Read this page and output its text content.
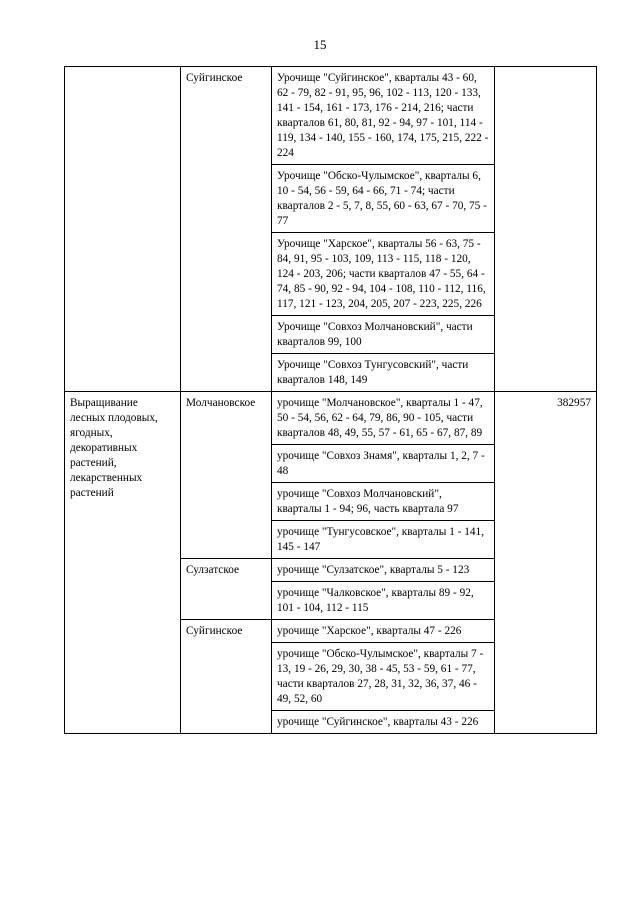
15
	Суйгинское	Урочище "Суйгинское", кварталы 43 - 60, 62 - 79, 82 - 91, 95, 96, 102 - 113, 120 - 133, 141 - 154, 161 - 173, 176 - 214, 216; части кварталов 61, 80, 81, 92 - 94, 97 - 101, 114 - 119, 134 - 140, 155 - 160, 174, 175, 215, 222 - 224	
		Урочище "Обско-Чулымское", кварталы 6, 10 - 54, 56 - 59, 64 - 66, 71 - 74; части кварталов 2 - 5, 7, 8, 55, 60 - 63, 67 - 70, 75 - 77	
		Урочище "Харское", кварталы 56 - 63, 75 - 84, 91, 95 - 103, 109, 113 - 115, 118 - 120, 124 - 203, 206; части кварталов 47 - 55, 64 - 74, 85 - 90, 92 - 94, 104 - 108, 110 - 112, 116, 117, 121 - 123, 204, 205, 207 - 223, 225, 226	
		Урочище "Совхоз Молчановский", части кварталов 99, 100	
		Урочище "Совхоз Тунгусовский", части кварталов 148, 149	
Выращивание лесных плодовых, ягодных, декоративных растений, лекарственных растений	Молчановское	урочище "Молчановское", кварталы 1 - 47, 50 - 54, 56, 62 - 64, 79, 86, 90 - 105, части кварталов 48, 49, 55, 57 - 61, 65 - 67, 87, 89	382957
		урочище "Совхоз Знамя", кварталы 1, 2, 7 - 48	
		урочище "Совхоз Молчановский", кварталы 1 - 94; 96, часть квартала 97	
		урочище "Тунгусовское", кварталы 1 - 141, 145 - 147	
	Сулзатское	урочище "Сулзатское", кварталы 5 - 123	
		урочище "Чалковское", кварталы 89 - 92, 101 - 104, 112 - 115	
	Суйгинское	урочище "Харское", кварталы 47 - 226	
		урочище "Обско-Чулымское", кварталы 7 - 13, 19 - 26, 29, 30, 38 - 45, 53 - 59, 61 - 77, части кварталов 27, 28, 31, 32, 36, 37, 46 - 49, 52, 60	
		урочище "Суйгинское", кварталы 43 - 226	
